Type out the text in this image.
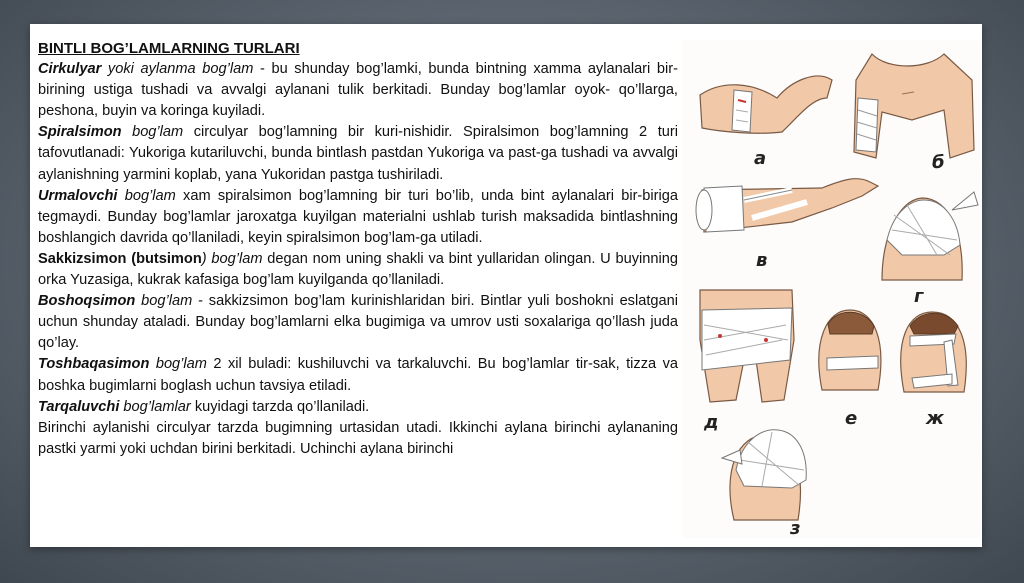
BINTLI BOG’LAMLARNING TURLARI

Cirkulyar yoki aylanma bog’lam - bu shunday bog’lamki, bunda bintning xamma aylanalari bir-birining ustiga tushadi va avvalgi aylanani tulik berkitadi. Bunday bog’lamlar oyok- qo’llarga, peshona, buyin va koringa kuyiladi.

Spiralsimon bog’lam circulyar bog’lamning bir kuri-nishidir. Spiralsimon bog’lamning 2 turi tafovutlanadi: Yukoriga kutariluvchi, bunda bintlash pastdan Yukoriga va past-ga tushadi va avvalgi aylanishning yarmini koplab, yana Yukoridan pastga tushiriladi.

Urmalovchi bog’lam xam spiralsimon bog’lamning bir turi bo’lib, unda bint aylanalari bir-biriga tegmaydi. Bunday bog’lamlar jaroxatga kuyilgan materialni ushlab turish maksadida bintlashning boshlangich davrida qo’llaniladi, keyin spiralsimon bog’lam-ga utiladi.

Sakkizsimon (butsimon) bog’lam degan nom uning shakli va bint yullaridan olingan. U buyinning orka Yuzasiga, kukrak kafasiga bog’lam kuyilganda qo’llaniladi.

Boshoqsimon bog’lam - sakkizsimon bog’lam kurinishlaridan biri. Bintlar yuli boshokni eslatgani uchun shunday ataladi. Bunday bog’lamlarni elka bugimiga va umrov usti soxalariga qo’llash juda qo’lay.

Toshbaqasimon bog’lam 2 xil buladi: kushiluvchi va tarkaluvchi. Bu bog’lamlar tir-sak, tizza va boshka bugimlarni boglash uchun tavsiya etiladi.

Tarqaluvchi bog’lamlar kuyidagi tarzda qo’llaniladi.

Birinchi aylanishi circulyar tarzda bugimning urtasidan utadi. Ikkinchi aylana birinchi aylananing pastki yarmi yoki uchdan birini berkitadi. Uchinchi aylana birinchi

а	б
в
г
д	е	ж
з
